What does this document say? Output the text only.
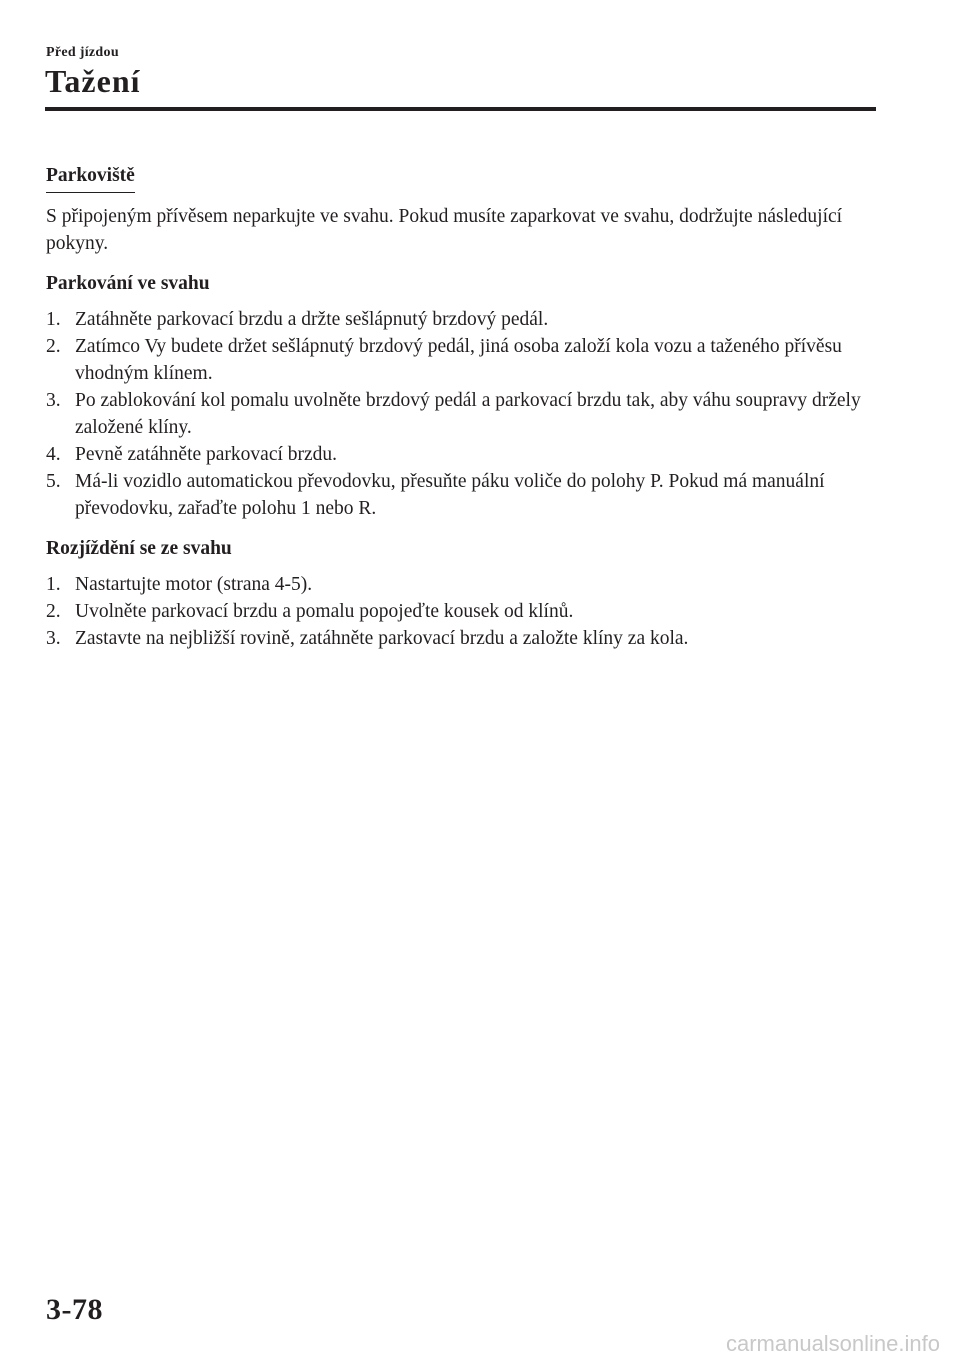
Před jízdou
Tažení
Parkoviště

S připojeným přívěsem neparkujte ve svahu. Pokud musíte zaparkovat ve svahu, dodržujte následující pokyny.

Parkování ve svahu

1. Zatáhněte parkovací brzdu a držte sešlápnutý brzdový pedál.
2. Zatímco Vy budete držet sešlápnutý brzdový pedál, jiná osoba založí kola vozu a taženého přívěsu vhodným klínem.
3. Po zablokování kol pomalu uvolněte brzdový pedál a parkovací brzdu tak, aby váhu soupravy držely založené klíny.
4. Pevně zatáhněte parkovací brzdu.
5. Má-li vozidlo automatickou převodovku, přesuňte páku voliče do polohy P. Pokud má manuální převodovku, zařaďte polohu 1 nebo R.

Rozjíždění se ze svahu

1. Nastartujte motor (strana 4-5).
2. Uvolněte parkovací brzdu a pomalu popojeďte kousek od klínů.
3. Zastavte na nejbližší rovině, zatáhněte parkovací brzdu a založte klíny za kola.
3-78
carmanualsonline.info
